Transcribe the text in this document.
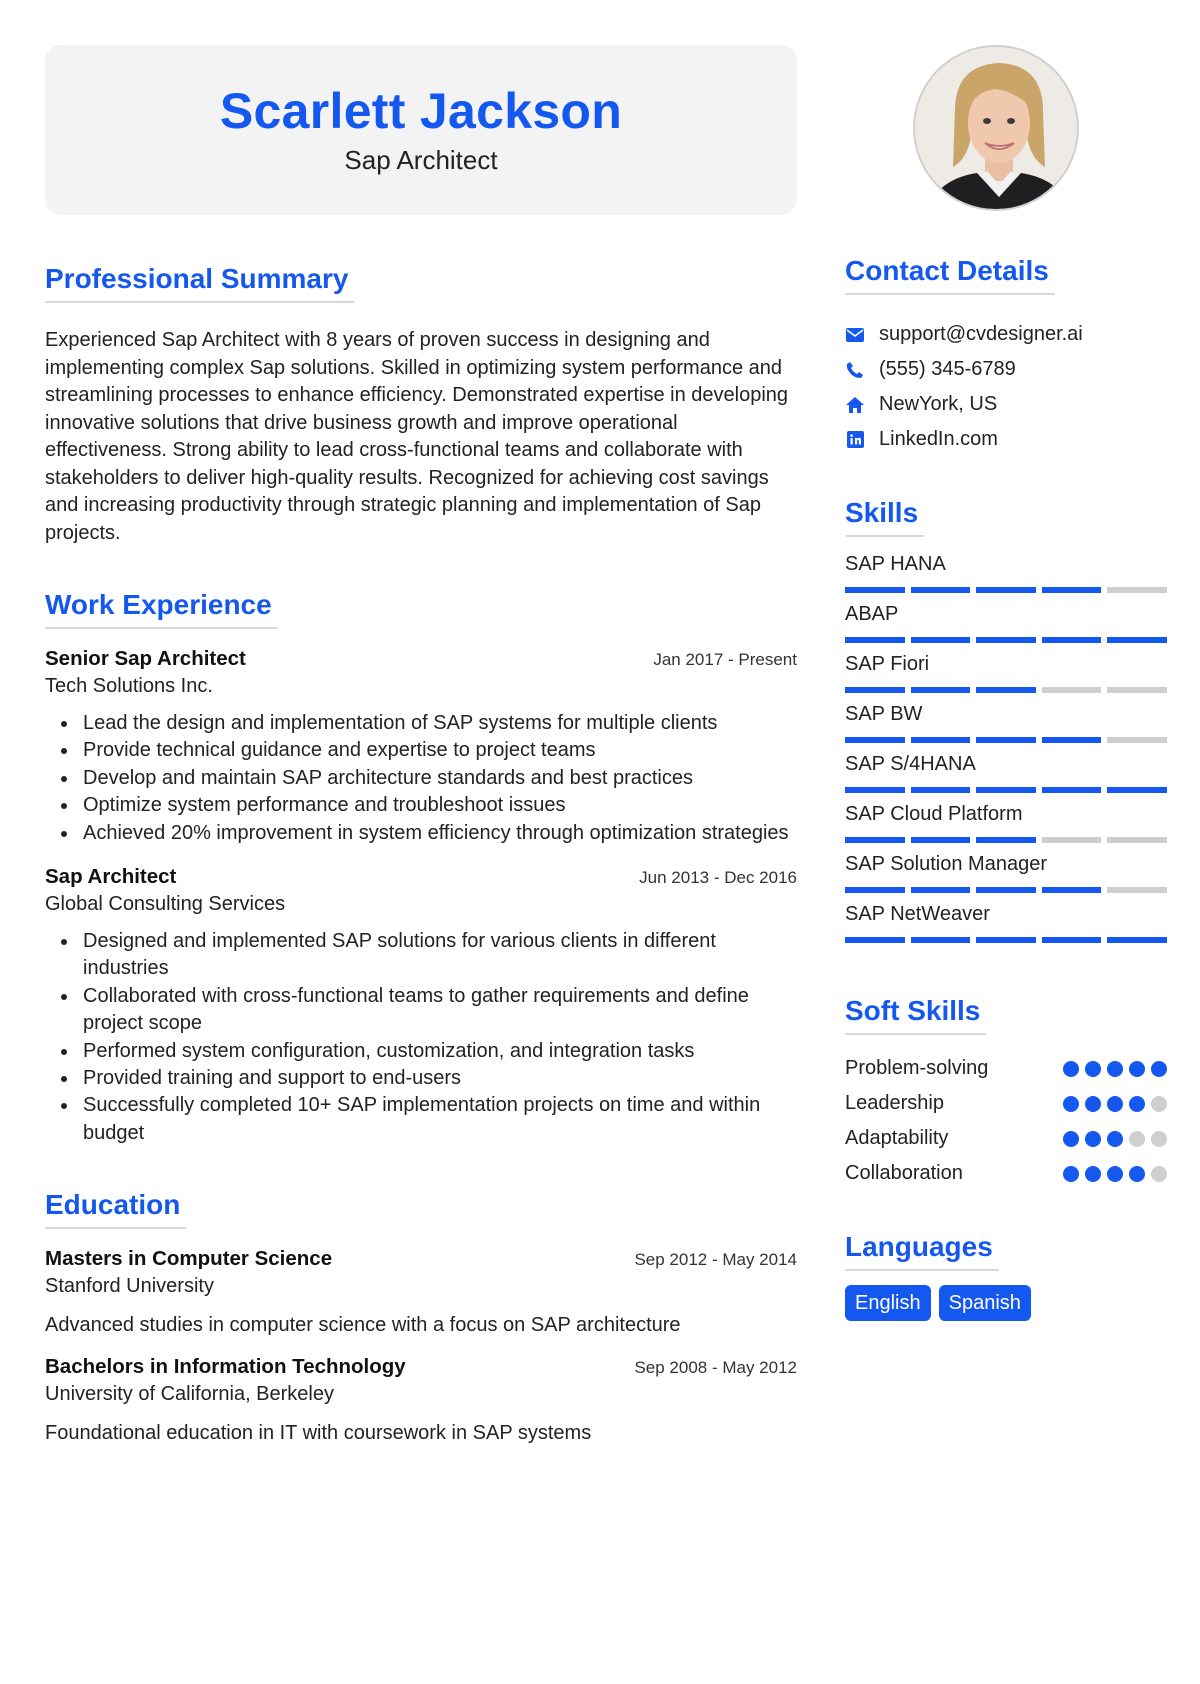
Scarlett Jackson
Sap Architect
Professional Summary

Experienced Sap Architect with 8 years of proven success in designing and implementing complex Sap solutions. Skilled in optimizing system performance and streamlining processes to enhance efficiency. Demonstrated expertise in developing innovative solutions that drive business growth and improve operational effectiveness. Strong ability to lead cross-functional teams and collaborate with stakeholders to deliver high-quality results. Recognized for achieving cost savings and increasing productivity through strategic planning and implementation of Sap projects.

Work Experience
Senior Sap Architect	Jan 2017 - Present
Tech Solutions Inc.
Lead the design and implementation of SAP systems for multiple clients
Provide technical guidance and expertise to project teams
Develop and maintain SAP architecture standards and best practices
Optimize system performance and troubleshoot issues
Achieved 20% improvement in system efficiency through optimization strategies
Sap Architect	Jun 2013 - Dec 2016
Global Consulting Services
Designed and implemented SAP solutions for various clients in different industries
Collaborated with cross-functional teams to gather requirements and define project scope
Performed system configuration, customization, and integration tasks
Provided training and support to end-users
Successfully completed 10+ SAP implementation projects on time and within budget
Education
Masters in Computer Science	Sep 2012 - May 2014
Stanford University
Advanced studies in computer science with a focus on SAP architecture
Bachelors in Information Technology	Sep 2008 - May 2012
University of California, Berkeley
Foundational education in IT with coursework in SAP systems
Contact Details
support@cvdesigner.ai
(555) 345-6789
NewYork, US
LinkedIn.com
Skills
SAP HANA
ABAP
SAP Fiori
SAP BW
SAP S/4HANA
SAP Cloud Platform
SAP Solution Manager
SAP NetWeaver
Soft Skills
Problem-solving
Leadership
Adaptability
Collaboration
Languages
English	Spanish
